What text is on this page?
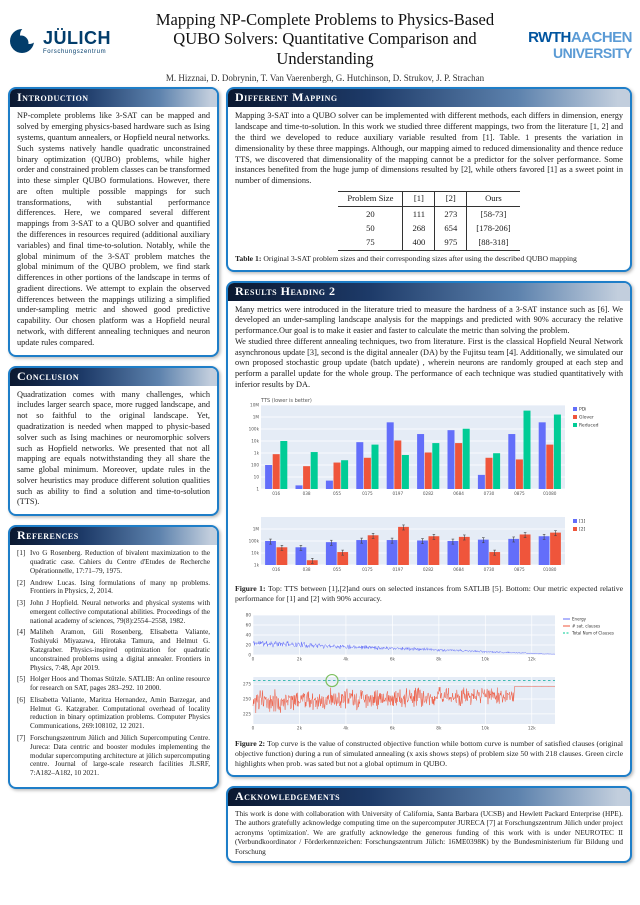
JÜLICH
Forschungszentrum
Mapping NP-Complete Problems to Physics-Based QUBO Solvers: Quantitative Comparison and Understanding
M. Hizznai, D. Dobrynin, T. Van Vaerenbergh, G. Hutchinson, D. Strukov, J. P. Strachan
RWTHAACHEN
UNIVERSITY
Introduction
NP-complete problems like 3-SAT can be mapped and solved by emerging physics-based hardware such as Ising systems, quantum annealers, or Hopfield neural networks. Such systems natively handle quadratic unconstrained binary optimization (QUBO) problems, while higher order and constrained problem classes can be transformed into these simpler QUBO formulations. However, there are often multiple possible mappings for such transformations, with substantial performance differences. Here, we compared several different mappings from 3-SAT to a QUBO solver and quantified the differences in resources required (additional auxiliary variables) and final time-to-solution. Notably, while the global minimum of the 3-SAT problem matches the global minimum of the QUBO problem, we find stark differences in other portions of the landscape in terms of gradient directions. We attempt to explain the observed differences between the mappings utilizing a simplified under-sampling metric and showed good predictive capability. Our chosen platform was a Hopfield neural network, with different annealing techniques and neuron update rules compared.
Conclusion
Quadratization comes with many challenges, which includes larger search space, more rugged landscape, and not so faithful to the original landscape. Yet, quadratization is needed when mapped to physic-based solver such as Ising machines or neuromorphic solvers such as Hopfield networks. We presented that not all mapping are equals notwithstanding they all share the same global minimum. Moreover, update rules in the solver heuristics may produce different solution qualities such as ability to find a solution and time-to-solution (TTS).
References
[1] Ivo G Rosenberg. Reduction of bivalent maximization to the quadratic case. Cahiers du Centre d'Etudes de Recherche Opérationnelle, 17:71–79, 1975.
[2] Andrew Lucas. Ising formulations of many np problems. Frontiers in Physics, 2, 2014.
[3] John J Hopfield. Neural networks and physical systems with emergent collective computational abilities. Proceedings of the national academy of sciences, 79(8):2554–2558, 1982.
[4] Maliheh Aramon, Gili Rosenberg, Elisabetta Valiante, Toshiyuki Miyazawa, Hirotaka Tamura, and Helmut G. Katzgraber. Physics-inspired optimization for quadratic unconstrained problems using a digital annealer. Frontiers in Physics, 7:48, Apr 2019.
[5] Holger Hoos and Thomas Stützle. SATLIB: An online resource for research on SAT, pages 283–292. 10 2000.
[6] Elisabetta Valiante, Maritza Hernandez, Amin Barzegar, and Helmut G. Katzgraber. Computational overhead of locality reduction in binary optimization problems. Computer Physics Communications, 269:108102, 12 2021.
[7] Forschungszentrum Jülich and Jülich Supercomputing Centre. Jureca: Data centric and booster modules implementing the modular supercomputing architecture at jülich supercomputing centre. Journal of large-scale research facilities JLSRF, 7:A182–A182, 10 2021.
Different Mapping
Mapping 3-SAT into a QUBO solver can be implemented with different methods, each differs in dimension, energy landscape and time-to-solution. In this work we studied three different mappings, two from the literature [1, 2] and the third we developed to reduce auxiliary variable resulted from [1]. Table. 1 presents the variation in dimensionality by these three mappings. Although, our mapping aimed to reduced dimensionality and thence reduce TTS, we discovered that dimensionality of the mapping cannot be a predictor for the solver performance. Some instances benefited from the huge jump of dimensions resulted by [2], while others favored [1] as a sweet point in number of dimensions.
Problem Size	[1]	[2]	Ours
20	111	273	[58-73]
50	268	654	[178-206]
75	400	975	[88-318]
Table 1: Original 3-SAT problem sizes and their corresponding sizes after using the described QUBO mapping
Results Heading 2
Many metrics were introduced in the literature tried to measure the hardness of a 3-SAT instance such as [6]. We developed an under-sampling landscape analysis for the mappings and predicted with 90% accuracy the relative performance.Our goal is to make it easier and faster to calculate the metric than solving the problem.
We studied three different annealing techniques, two from literature. First is the classical Hopfield Neural Network asynchronous update [3], second is the digital annealer (DA) by the Fujitsu team [4]. Additionally, we simulated our own proposed stochastic group update (batch update) , wherein neurons are randomly grouped at each step and perform a parallel update for the whole group. The performance of each technique was studied quantitatively with inferior results by DA.
10M
1M
100k
10k
1k
100
10
1
016	038	055	0175	0197	0282	0684	0730	0875	01080
PDi
Glover
Reduced
TTS (lower is better)
1M
100k
10k
1k
016	038	055	0175	0197	0282	0684	0730	0875	01080
[1]
[2]
Figure 1: Top: TTS between [1],[2]and ours on selected instances from SATLIB [5]. Bottom: Our metric expected relative performance for [1] and [2] with 90% accuracy.
0
20
40
60
80
0	2k	4k	6k	8k	10k	12k
Energy
# sat. clauses
Total Num of Clauses
275
250
225
0	2k	4k	6k	8k	10k	12k
Figure 2: Top curve is the value of constructed objective function while bottom curve is number of satisfied clauses (original objective function) during a run of simulated annealing (x axis shows steps) of problem size 50 with 218 clauses. Green circle highlights when prob. was sated but not a global optimum in QUBO.
Acknowledgements
This work is done with collaboration with University of California, Santa Barbara (UCSB) and Hewlett Packard Enterprise (HPE). The authors gratefully acknowledge computing time on the supercomputer JURECA [7] at Forschungszentrum Jülich under project acronyms 'optimization'. We are gratfully acknowledge the generous funding of this work with is under NEUROTEC II (Verbundkoordinator / Förderkennzeichen: Forschungszentrum Jülich: 16ME0398K) by the Bundesministerium für Bildung und Forschung
